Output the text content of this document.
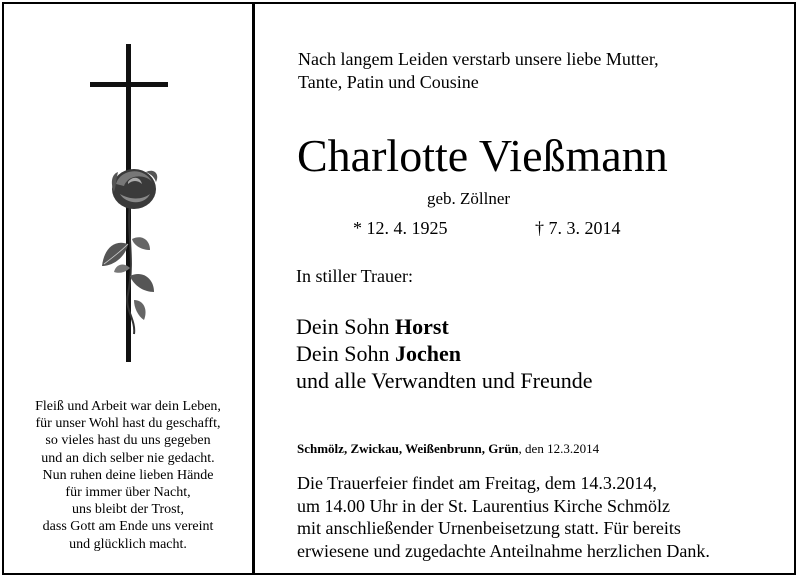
Fleiß und Arbeit war dein Leben,
für unser Wohl hast du geschafft,
so vieles hast du uns gegeben
und an dich selber nie gedacht.
Nun ruhen deine lieben Hände
für immer über Nacht,
uns bleibt der Trost,
dass Gott am Ende uns vereint
und glücklich macht.
Nach langem Leiden verstarb unsere liebe Mutter,
Tante, Patin und Cousine
Charlotte Vießmann
geb. Zöllner
* 12. 4. 1925	† 7. 3. 2014
In stiller Trauer:
Dein Sohn Horst
Dein Sohn Jochen
und alle Verwandten und Freunde
Schmölz, Zwickau, Weißenbrunn, Grün, den 12.3.2014
Die Trauerfeier findet am Freitag, dem 14.3.2014,
um 14.00 Uhr in der St. Laurentius Kirche Schmölz
mit anschließender Urnenbeisetzung statt. Für bereits
erwiesene und zugedachte Anteilnahme herzlichen Dank.
